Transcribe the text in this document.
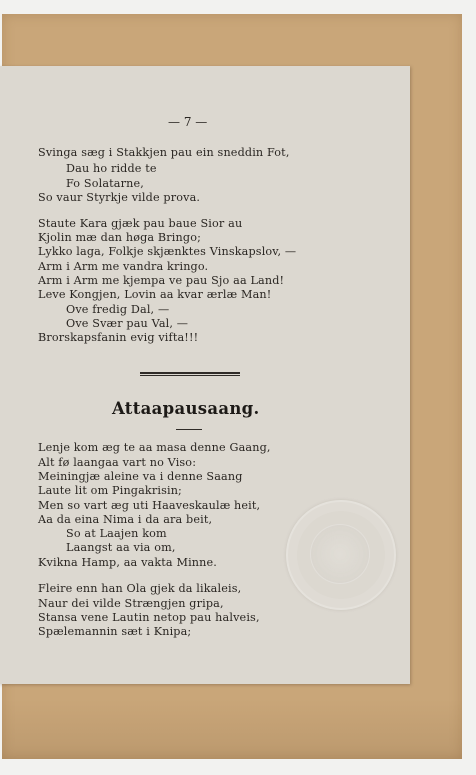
— 7 —

Svinga sæg i Stakkjen pau ein sneddin Fot,

Dau ho ridde te

Fo Solatarne,

So vaur Styrkje vilde prova.

Staute Kara gjæk pau baue Sior au

Kjolin mæ dan høga Bringo;

Lykko laga, Folkje skjænktes Vinskapslov, —

Arm i Arm me vandra kringo.

Arm i Arm me kjempa ve pau Sjo aa Land!

Leve Kongjen, Lovin aa kvar ærlæ Man!

Ove fredig Dal, —

Ove Svær pau Val, —

Brorskapsfanin evig vifta!!!

Attaapausaang.

Lenje kom æg te aa masa denne Gaang,

Alt fø laangaa vart no Viso:

Meiningjæ aleine va i denne Saang

Laute lit om Pingakrisin;

Men so vart æg uti Haaveskaulæ heit,

Aa da eina Nima i da ara beit,

So at Laajen kom

Laangst aa via om,

Kvikna Hamp, aa vakta Minne.

Fleire enn han Ola gjek da likaleis,

Naur dei vilde Strængjen gripa,

Stansa vene Lautin netop pau halveis,

Spælemannin sæt i Knipa;
